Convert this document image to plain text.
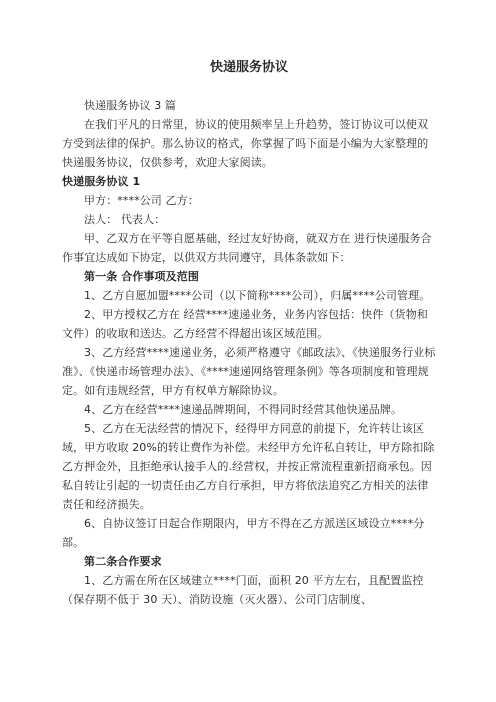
快递服务协议

快递服务协议 3 篇

在我们平凡的日常里，协议的使用频率呈上升趋势，签订协议可以使双方受到法律的保护。那么协议的格式，你掌握了吗下面是小编为大家整理的快递服务协议，仅供参考，欢迎大家阅读。

快递服务协议 1

甲方：****公司 乙方：

法人： 代表人：

甲、乙双方在平等自愿基础，经过友好协商，就双方在 进行快递服务合作事宜达成如下协定，以供双方共同遵守，具体条款如下：

第一条 合作事项及范围

1、乙方自愿加盟****公司（以下简称****公司），归属****公司管理。

2、甲方授权乙方在 经营****速递业务，业务内容包括：快件（货物和文件）的收取和送达。乙方经营不得超出该区域范围。

3、乙方经营****速递业务，必须严格遵守《邮政法》、《快递服务行业标准》、《快递市场管理办法》、《****速递网络管理条例》等各项制度和管理规定。如有违规经营，甲方有权单方解除协议。

4、乙方在经营****速递品牌期间，不得同时经营其他快递品牌。

5、乙方在无法经营的情况下，经得甲方同意的前提下，允许转让该区域，甲方收取 20%的转让费作为补偿。未经甲方允许私自转让，甲方除扣除乙方押金外，且拒绝承认接手人的.经营权，并按正常流程重新招商承包。因私自转让引起的一切责任由乙方自行承担，甲方将依法追究乙方相关的法律责任和经济损失。

6、自协议签订日起合作期限内，甲方不得在乙方派送区域设立****分部。

第二条合作要求

1、乙方需在所在区域建立****门面，面积 20 平方左右，且配置监控（保存期不低于 30 天）、消防设施（灭火器）、公司门店制度、
